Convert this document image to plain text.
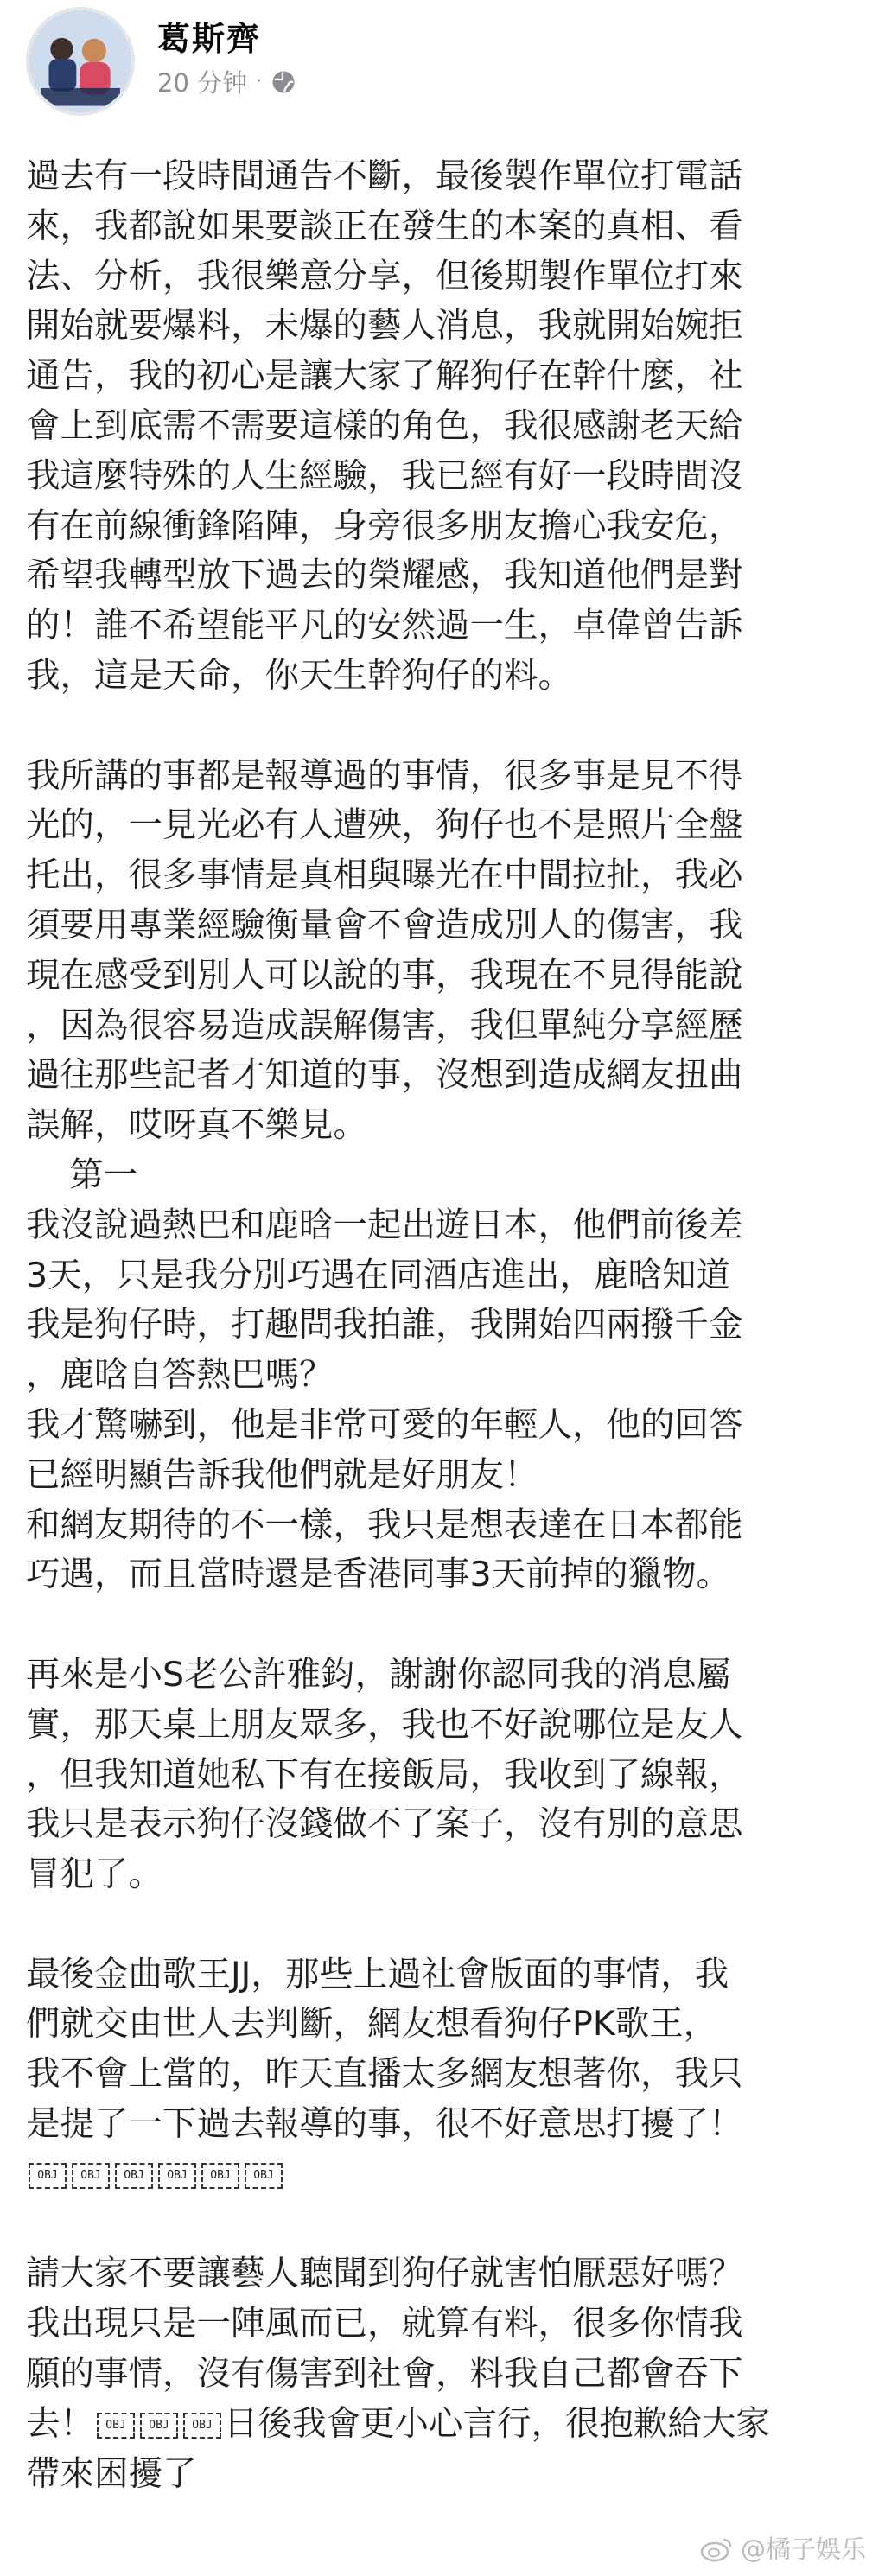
葛斯齊
20 分钟 ·
過去有一段時間通告不斷，最後製作單位打電話
來，我都說如果要談正在發生的本案的真相、看
法、分析，我很樂意分享，但後期製作單位打來
開始就要爆料，未爆的藝人消息，我就開始婉拒
通告，我的初心是讓大家了解狗仔在幹什麼，社
會上到底需不需要這樣的角色，我很感謝老天給
我這麼特殊的人生經驗，我已經有好一段時間沒
有在前線衝鋒陷陣，身旁很多朋友擔心我安危，
希望我轉型放下過去的榮耀感，我知道他們是對
的！誰不希望能平凡的安然過一生，卓偉曾告訴
我，這是天命，你天生幹狗仔的料。
我所講的事都是報導過的事情，很多事是見不得
光的，一見光必有人遭殃，狗仔也不是照片全盤
托出，很多事情是真相與曝光在中間拉扯，我必
須要用專業經驗衡量會不會造成別人的傷害，我
現在感受到別人可以說的事，我現在不見得能說
，因為很容易造成誤解傷害，我但單純分享經歷
過往那些記者才知道的事，沒想到造成網友扭曲
誤解，哎呀真不樂見。
第一
我沒說過熱巴和鹿晗一起出遊日本，他們前後差
3天，只是我分別巧遇在同酒店進出，鹿晗知道
我是狗仔時，打趣問我拍誰，我開始四兩撥千金
，鹿晗自答熱巴嗎？
我才驚嚇到，他是非常可愛的年輕人，他的回答
已經明顯告訴我他們就是好朋友！
和網友期待的不一樣，我只是想表達在日本都能
巧遇，而且當時還是香港同事3天前掉的獵物。
再來是小S老公許雅鈞，謝謝你認同我的消息屬
實，那天桌上朋友眾多，我也不好說哪位是友人
，但我知道她私下有在接飯局，我收到了線報，
我只是表示狗仔沒錢做不了案子，沒有別的意思
冒犯了。
最後金曲歌王JJ，那些上過社會版面的事情，我
們就交由世人去判斷，網友想看狗仔PK歌王，
我不會上當的，昨天直播太多網友想著你，我只
是提了一下過去報導的事，很不好意思打擾了！
OBJ OBJ OBJ OBJ OBJ OBJ
請大家不要讓藝人聽聞到狗仔就害怕厭惡好嗎？
我出現只是一陣風而已，就算有料，很多你情我
願的事情，沒有傷害到社會，料我自己都會吞下
去！ OBJ OBJ OBJ 日後我會更小心言行，很抱歉給大家
帶來困擾了
@橘子娛乐
